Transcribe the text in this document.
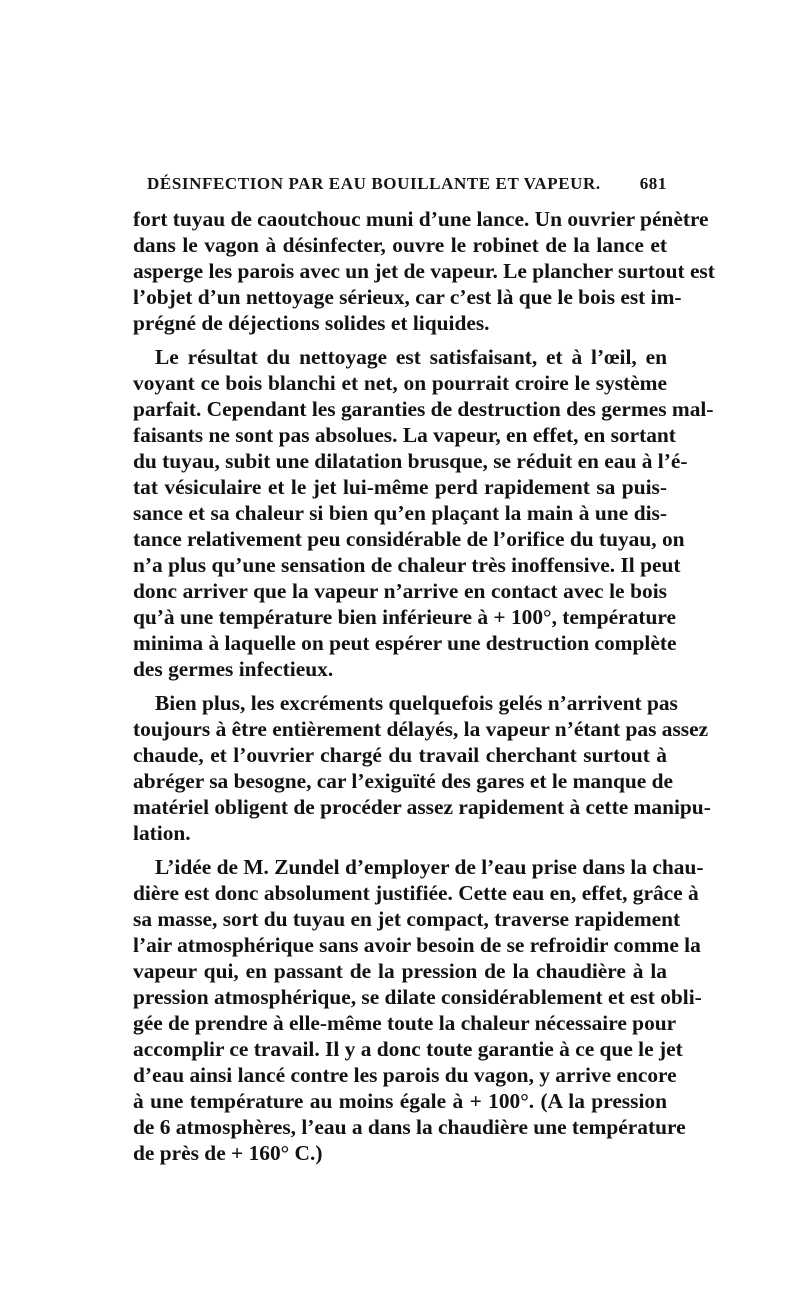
DÉSINFECTION PAR EAU BOUILLANTE ET VAPEUR. 681
fort tuyau de caoutchouc muni d’une lance. Un ouvrier pénètre
dans le vagon à désinfecter, ouvre le robinet de la lance et
asperge les parois avec un jet de vapeur. Le plancher surtout est
l’objet d’un nettoyage sérieux, car c’est là que le bois est im-
prégné de déjections solides et liquides.
Le résultat du nettoyage est satisfaisant, et à l’œil, en
voyant ce bois blanchi et net, on pourrait croire le système
parfait. Cependant les garanties de destruction des germes mal-
faisants ne sont pas absolues. La vapeur, en effet, en sortant
du tuyau, subit une dilatation brusque, se réduit en eau à l’é-
tat vésiculaire et le jet lui-même perd rapidement sa puis-
sance et sa chaleur si bien qu’en plaçant la main à une dis-
tance relativement peu considérable de l’orifice du tuyau, on
n’a plus qu’une sensation de chaleur très inoffensive. Il peut
donc arriver que la vapeur n’arrive en contact avec le bois
qu’à une température bien inférieure à + 100°, température
minima à laquelle on peut espérer une destruction complète
des germes infectieux.
Bien plus, les excréments quelquefois gelés n’arrivent pas
toujours à être entièrement délayés, la vapeur n’étant pas assez
chaude, et l’ouvrier chargé du travail cherchant surtout à
abréger sa besogne, car l’exiguïté des gares et le manque de
matériel obligent de procéder assez rapidement à cette manipu-
lation.
L’idée de M. Zundel d’employer de l’eau prise dans la chau-
dière est donc absolument justifiée. Cette eau en, effet, grâce à
sa masse, sort du tuyau en jet compact, traverse rapidement
l’air atmosphérique sans avoir besoin de se refroidir comme la
vapeur qui, en passant de la pression de la chaudière à la
pression atmosphérique, se dilate considérablement et est obli-
gée de prendre à elle-même toute la chaleur nécessaire pour
accomplir ce travail. Il y a donc toute garantie à ce que le jet
d’eau ainsi lancé contre les parois du vagon, y arrive encore
à une température au moins égale à + 100°. (A la pression
de 6 atmosphères, l’eau a dans la chaudière une température
de près de + 160° C.)
